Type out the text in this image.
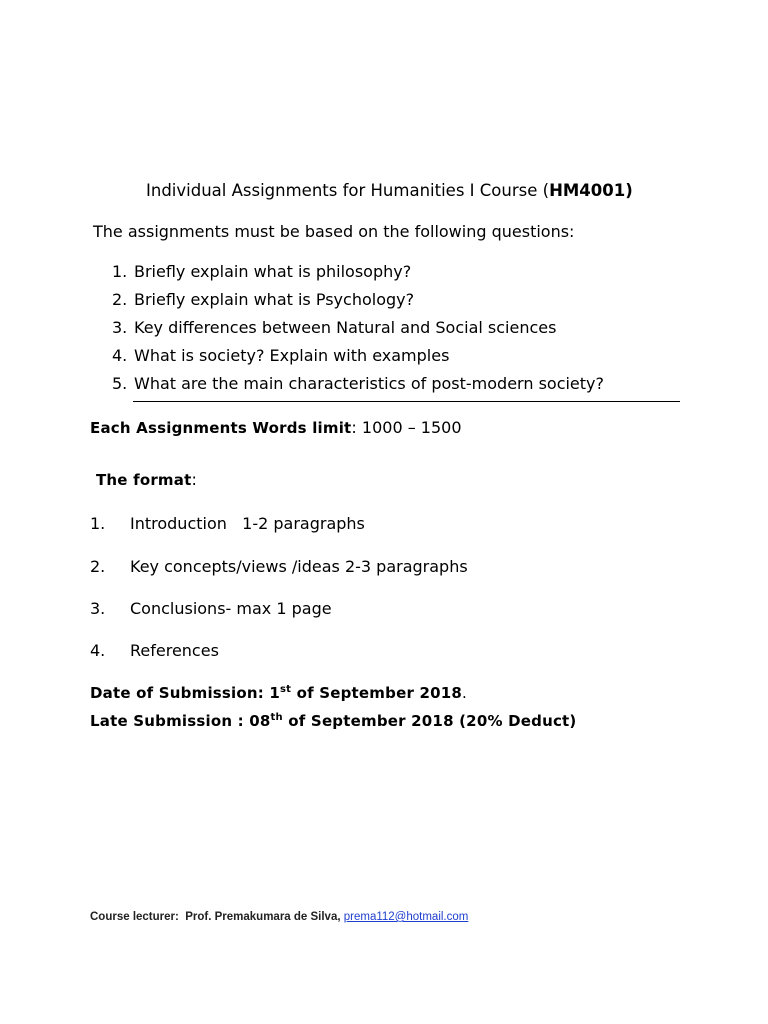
Individual Assignments for Humanities I Course (HM4001)
The assignments must be based on the following questions:
1. Briefly explain what is philosophy?
2. Briefly explain what is Psychology?
3. Key differences between Natural and Social sciences
4. What is society? Explain with examples
5. What are the main characteristics of post-modern society?
Each Assignments Words limit: 1000 – 1500
The format:
1. Introduction   1-2 paragraphs
2. Key concepts/views /ideas 2-3 paragraphs
3. Conclusions- max 1 page
4. References
Date of Submission: 1st of September 2018.
Late Submission : 08th of September 2018 (20% Deduct)
Course lecturer:  Prof. Premakumara de Silva, prema112@hotmail.com
